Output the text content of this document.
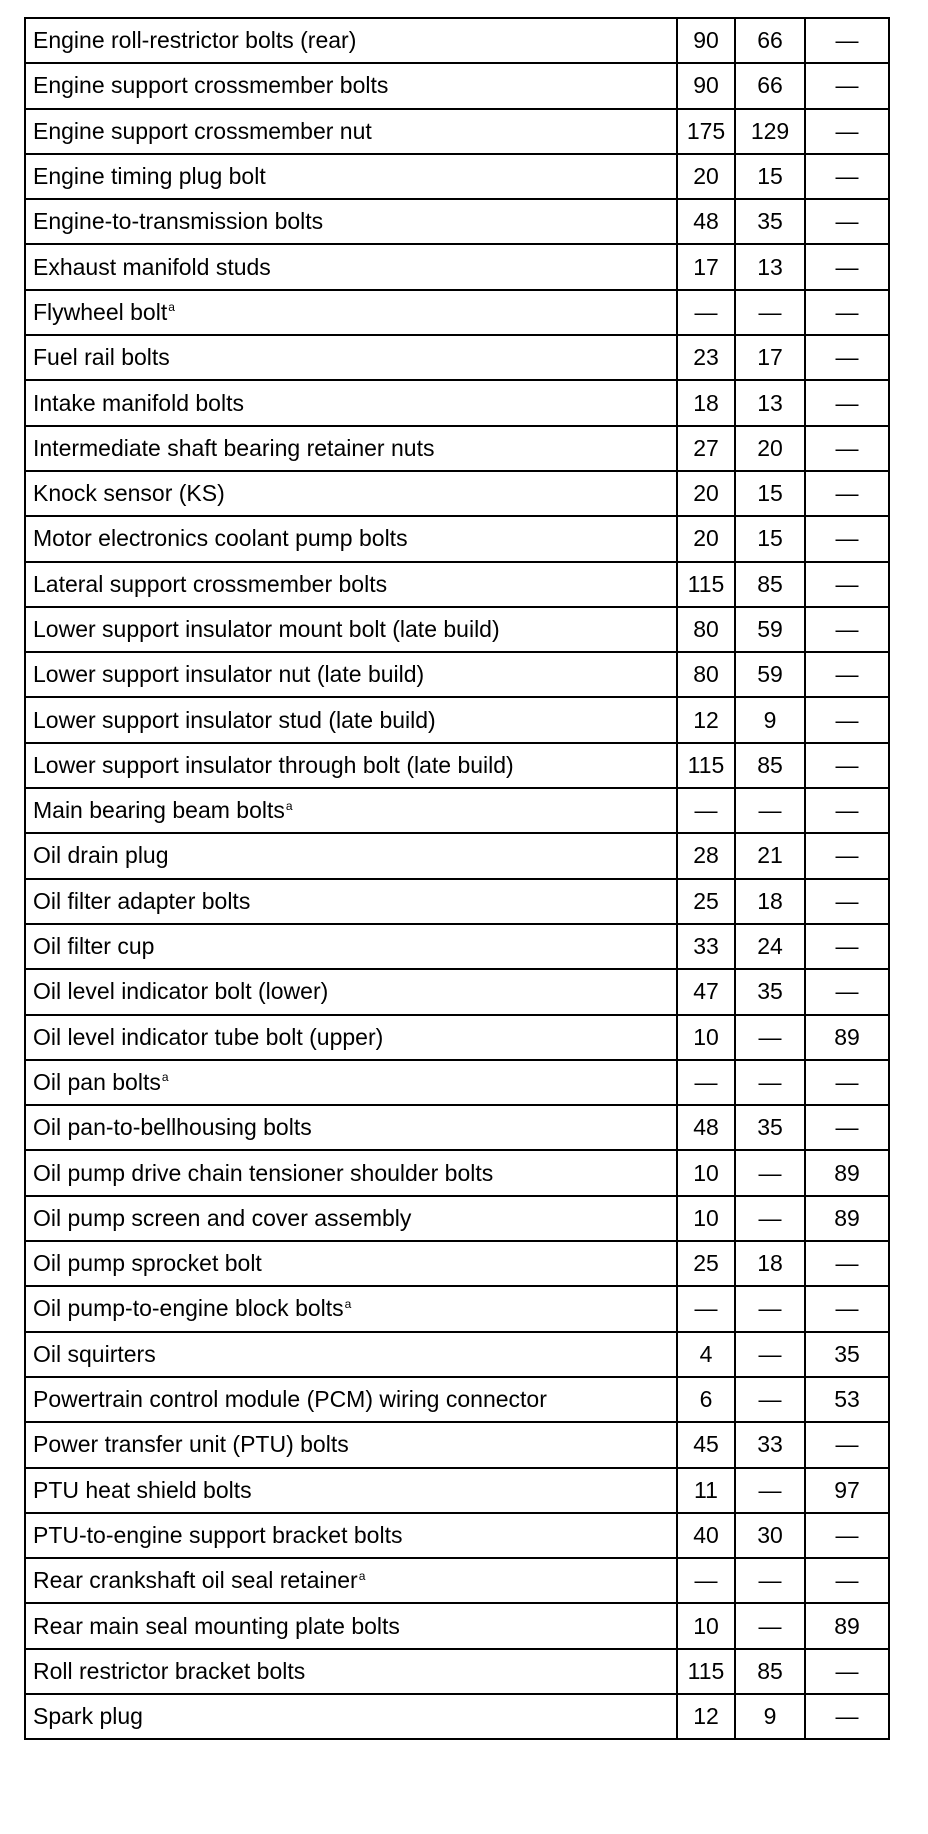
Engine roll-restrictor bolts (rear)	90	66	—
Engine support crossmember bolts	90	66	—
Engine support crossmember nut	175	129	—
Engine timing plug bolt	20	15	—
Engine-to-transmission bolts	48	35	—
Exhaust manifold studs	17	13	—
Flywheel bolt$^a$	—	—	—
Fuel rail bolts	23	17	—
Intake manifold bolts	18	13	—
Intermediate shaft bearing retainer nuts	27	20	—
Knock sensor (KS)	20	15	—
Motor electronics coolant pump bolts	20	15	—
Lateral support crossmember bolts	115	85	—
Lower support insulator mount bolt (late build)	80	59	—
Lower support insulator nut (late build)	80	59	—
Lower support insulator stud (late build)	12	9	—
Lower support insulator through bolt (late build)	115	85	—
Main bearing beam bolts$^a$	—	—	—
Oil drain plug	28	21	—
Oil filter adapter bolts	25	18	—
Oil filter cup	33	24	—
Oil level indicator bolt (lower)	47	35	—
Oil level indicator tube bolt (upper)	10	—	89
Oil pan bolts$^a$	—	—	—
Oil pan-to-bellhousing bolts	48	35	—
Oil pump drive chain tensioner shoulder bolts	10	—	89
Oil pump screen and cover assembly	10	—	89
Oil pump sprocket bolt	25	18	—
Oil pump-to-engine block bolts$^a$	—	—	—
Oil squirters	4	—	35
Powertrain control module (PCM) wiring connector	6	—	53
Power transfer unit (PTU) bolts	45	33	—
PTU heat shield bolts	11	—	97
PTU-to-engine support bracket bolts	40	30	—
Rear crankshaft oil seal retainer$^a$	—	—	—
Rear main seal mounting plate bolts	10	—	89
Roll restrictor bracket bolts	115	85	—
Spark plug	12	9	—
